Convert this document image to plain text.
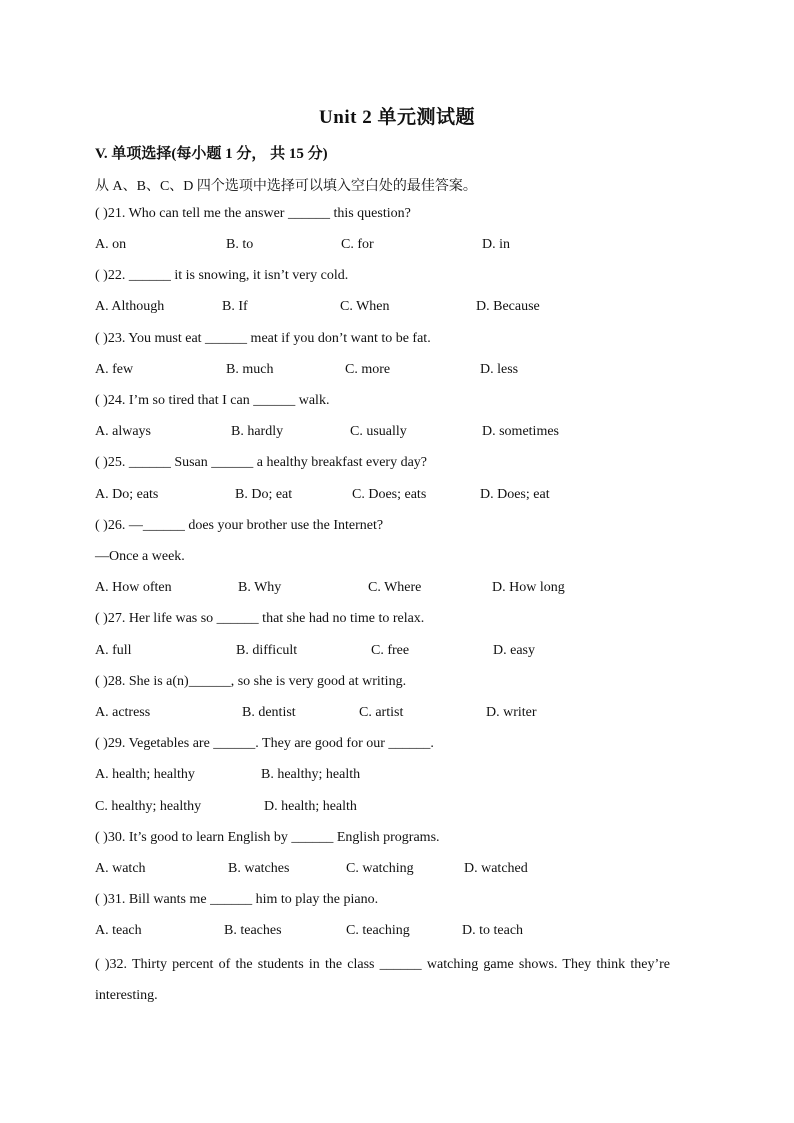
Unit 2 单元测试题
V. 单项选择(每小题 1 分， 共 15 分)
从 A、B、C、D 四个选项中选择可以填入空白处的最佳答案。
( )21. Who can tell me the answer ______ this question?
A. on	B. to	C. for	D. in
( )22. ______ it is snowing, it isn’t very cold.
A. Although	B. If	C. When	D. Because
( )23. You must eat ______ meat if you don’t want to be fat.
A. few	B. much	C. more	D. less
( )24. I’m so tired that I can ______ walk.
A. always	B. hardly	C. usually	D. sometimes
( )25. ______ Susan ______ a healthy breakfast every day?
A. Do; eats	B. Do; eat	C. Does; eats	D. Does; eat
( )26. —______ does your brother use the Internet?
—Once a week.
A. How often	B. Why	C. Where	D. How long
( )27. Her life was so ______ that she had no time to relax.
A. full	B. difficult	C. free	D. easy
( )28. She is a(n)______, so she is very good at writing.
A. actress	B. dentist	C. artist	D. writer
( )29. Vegetables are ______. They are good for our ______.
A. health; healthy	B. healthy; health
C. healthy; healthy	D. health; health
( )30. It’s good to learn English by ______ English programs.
A. watch	B. watches	C. watching	D. watched
( )31. Bill wants me ______ him to play the piano.
A. teach	B. teaches	C. teaching	D. to teach
( )32. Thirty percent of the students in the class ______ watching game shows. They think they’re interesting.
